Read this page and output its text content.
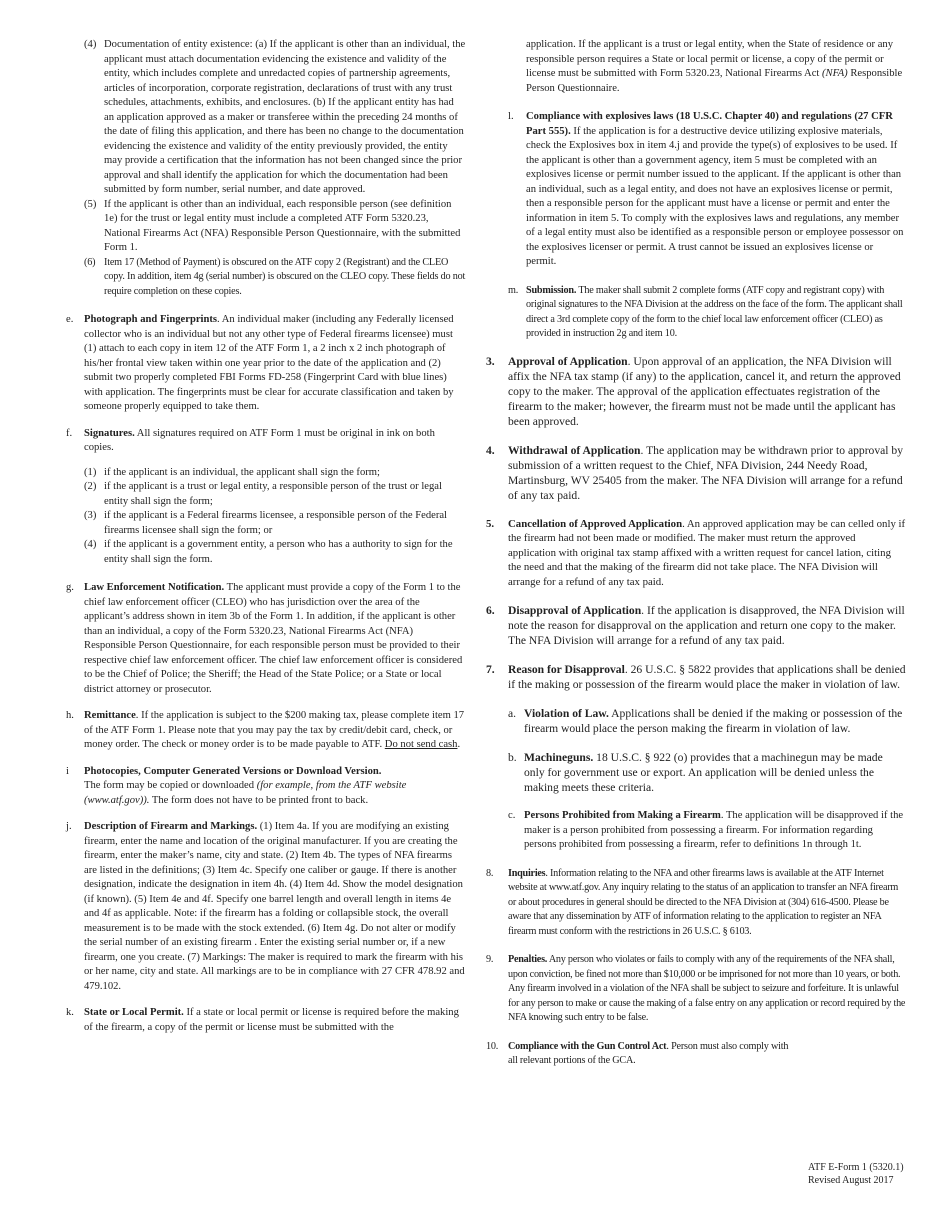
(4) Documentation of entity existence: (a) If the applicant is other than an individual, the applicant must attach documentation evidencing the existence and validity of the entity, which includes complete and unredacted copies of partnership agreements, articles of incorporation, corporate registration, declarations of trust with any trust schedules, attachments, exhibits, and enclosures. (b) If the applicant entity has had an application approved as a maker or transferee within the preceding 24 months of the date of filing this application, and there has been no change to the documentation evidencing the existence and validity of the entity previously provided, the entity may provide a certification that the information has not been changed since the prior approval and shall identify the application for which the documentation had been submitted by form number, serial number, and date approved.
(5) If the applicant is other than an individual, each responsible person (see definition 1e) for the trust or legal entity must include a completed ATF Form 5320.23, National Firearms Act (NFA) Responsible Person Questionnaire, with the submitted Form 1.
(6) Item 17 (Method of Payment) is obscured on the ATF copy 2 (Registrant) and the CLEO copy. In addition, item 4g (serial number) is obscured on the CLEO copy. These fields do not require completion on these copies.
e. Photograph and Fingerprints. An individual maker (including any Federally licensed collector who is an individual but not any other type of Federal firearms licensee) must (1) attach to each copy in item 12 of the ATF Form 1, a 2 inch x 2 inch photograph of his/her frontal view taken within one year prior to the date of the application and (2) submit two properly completed FBI Forms FD-258 (Fingerprint Card with blue lines) with application. The fingerprints must be clear for accurate classification and taken by someone properly equipped to take them.
f. Signatures. All signatures required on ATF Form 1 must be original in ink on both copies.
(1) if the applicant is an individual, the applicant shall sign the form;
(2) if the applicant is a trust or legal entity, a responsible person of the trust or legal entity shall sign the form;
(3) if the applicant is a Federal firearms licensee, a responsible person of the Federal firearms licensee shall sign the form; or
(4) if the applicant is a government entity, a person who has a authority to sign for the entity shall sign the form.
g. Law Enforcement Notification. The applicant must provide a copy of the Form 1 to the chief law enforcement officer (CLEO) who has jurisdiction over the area of the applicant’s address shown in item 3b of the Form 1. In addition, if the applicant is other than an individual, a copy of the Form 5320.23, National Firearms Act (NFA) Responsible Person Questionnaire, for each responsible person must be provided to their respective chief law enforcement officer. The chief law enforcement officer is considered to be the Chief of Police; the Sheriff; the Head of the State Police; or a State or local district attorney or prosecutor.
h. Remittance. If the application is subject to the $200 making tax, please complete item 17 of the ATF Form 1. Please note that you may pay the tax by credit/debit card, check, or money order. The check or money order is to be made payable to ATF. Do not send cash.
i Photocopies, Computer Generated Versions or Download Version.
The form may be copied or downloaded (for example, from the ATF website (www.atf.gov)). The form does not have to be printed front to back.
j. Description of Firearm and Markings. (1) Item 4a. If you are modifying an existing firearm, enter the name and location of the original manufacturer. If you are creating the firearm, enter the maker’s name, city and state. (2) Item 4b. The types of NFA firearms are listed in the definitions; (3) Item 4c. Specify one caliber or gauge. If there is another designation, indicate the designation in item 4h. (4) Item 4d. Show the model designation (if known). (5) Item 4e and 4f. Specify one barrel length and overall length in items 4e and 4f as applicable. Note: if the firearm has a folding or collapsible stock, the overall measurement is to be made with the stock extended. (6) Item 4g. Do not alter or modify the serial number of an existing firearm . Enter the existing serial number or, if a new firearm, one you create. (7) Markings: The maker is required to mark the firearm with his or her name, city and state. All markings are to be in compliance with 27 CFR 478.92 and 479.102.
k. State or Local Permit. If a state or local permit or license is required before the making of the firearm, a copy of the permit or license must be submitted with the
application. If the applicant is a trust or legal entity, when the State of residence or any responsible person requires a State or local permit or license, a copy of the permit or license must be submitted with Form 5320.23, National Firearms Act (NFA) Responsible Person Questionnaire.
l. Compliance with explosives laws (18 U.S.C. Chapter 40) and regulations (27 CFR Part 555). If the application is for a destructive device utilizing explosive materials, check the Explosives box in item 4.j and provide the type(s) of explosives to be used. If the applicant is other than a government agency, item 5 must be completed with an explosives license or permit number issued to the applicant. If the applicant is other than an individual, such as a legal entity, and does not have an explosives license or permit, then a responsible person for the applicant must have a license or permit and enter the information in item 5. To comply with the explosives laws and regulations, any member of a legal entity must also be identified as a responsible person or employee possessor on the explosives licenser or permit. A trust cannot be issued an explosives license or permit.
m. Submission. The maker shall submit 2 complete forms (ATF copy and registrant copy) with original signatures to the NFA Division at the address on the face of the form. The applicant shall direct a 3rd complete copy of the form to the chief local law enforcement officer (CLEO) as provided in instruction 2g and item 10.
3. Approval of Application. Upon approval of an application, the NFA Division will affix the NFA tax stamp (if any) to the application, cancel it, and return the approved copy to the maker. The approval of the application effectuates registration of the firearm to the maker; however, the firearm must not be made until the applicant has been approved.
4. Withdrawal of Application. The application may be withdrawn prior to approval by submission of a written request to the Chief, NFA Division, 244 Needy Road, Martinsburg, WV 25405 from the maker. The NFA Division will arrange for a refund of any tax paid.
5. Cancellation of Approved Application. An approved application may be can celled only if the firearm had not been made or modified. The maker must return the approved application with original tax stamp affixed with a written request for cancel lation, citing the need and that the making of the firearm did not take place. The NFA Division will arrange for a refund of any tax paid.
6. Disapproval of Application. If the application is disapproved, the NFA Division will note the reason for disapproval on the application and return one copy to the maker. The NFA Division will arrange for a refund of any tax paid.
7. Reason for Disapproval. 26 U.S.C. § 5822 provides that applications shall be denied if the making or possession of the firearm would place the maker in violation of law.
a. Violation of Law. Applications shall be denied if the making or possession of the firearm would place the person making the firearm in violation of law.
b. Machineguns. 18 U.S.C. § 922 (o) provides that a machinegun may be made only for government use or export. An application will be denied unless the making meets these criteria.
c. Persons Prohibited from Making a Firearm. The application will be disapproved if the maker is a person prohibited from possessing a firearm. For information regarding persons prohibited from possessing a firearm, refer to definitions 1n through 1t.
8. Inquiries. Information relating to the NFA and other firearms laws is available at the ATF Internet website at www.atf.gov. Any inquiry relating to the status of an application to transfer an NFA firearm or about procedures in general should be directed to the NFA Division at (304) 616-4500. Please be aware that any dissemination by ATF of information relating to the application to register an NFA firearm must conform with the restrictions in 26 U.S.C. § 6103.
9. Penalties. Any person who violates or fails to comply with any of the requirements of the NFA shall, upon conviction, be fined not more than $10,000 or be imprisoned for not more than 10 years, or both. Any firearm involved in a violation of the NFA shall be subject to seizure and forfeiture. It is unlawful for any person to make or cause the making of a false entry on any application or record required by the NFA knowing such entry to be false.
10. Compliance with the Gun Control Act. Person must also comply with all relevant portions of the GCA.
ATF E-Form 1 (5320.1)
Revised August 2017
